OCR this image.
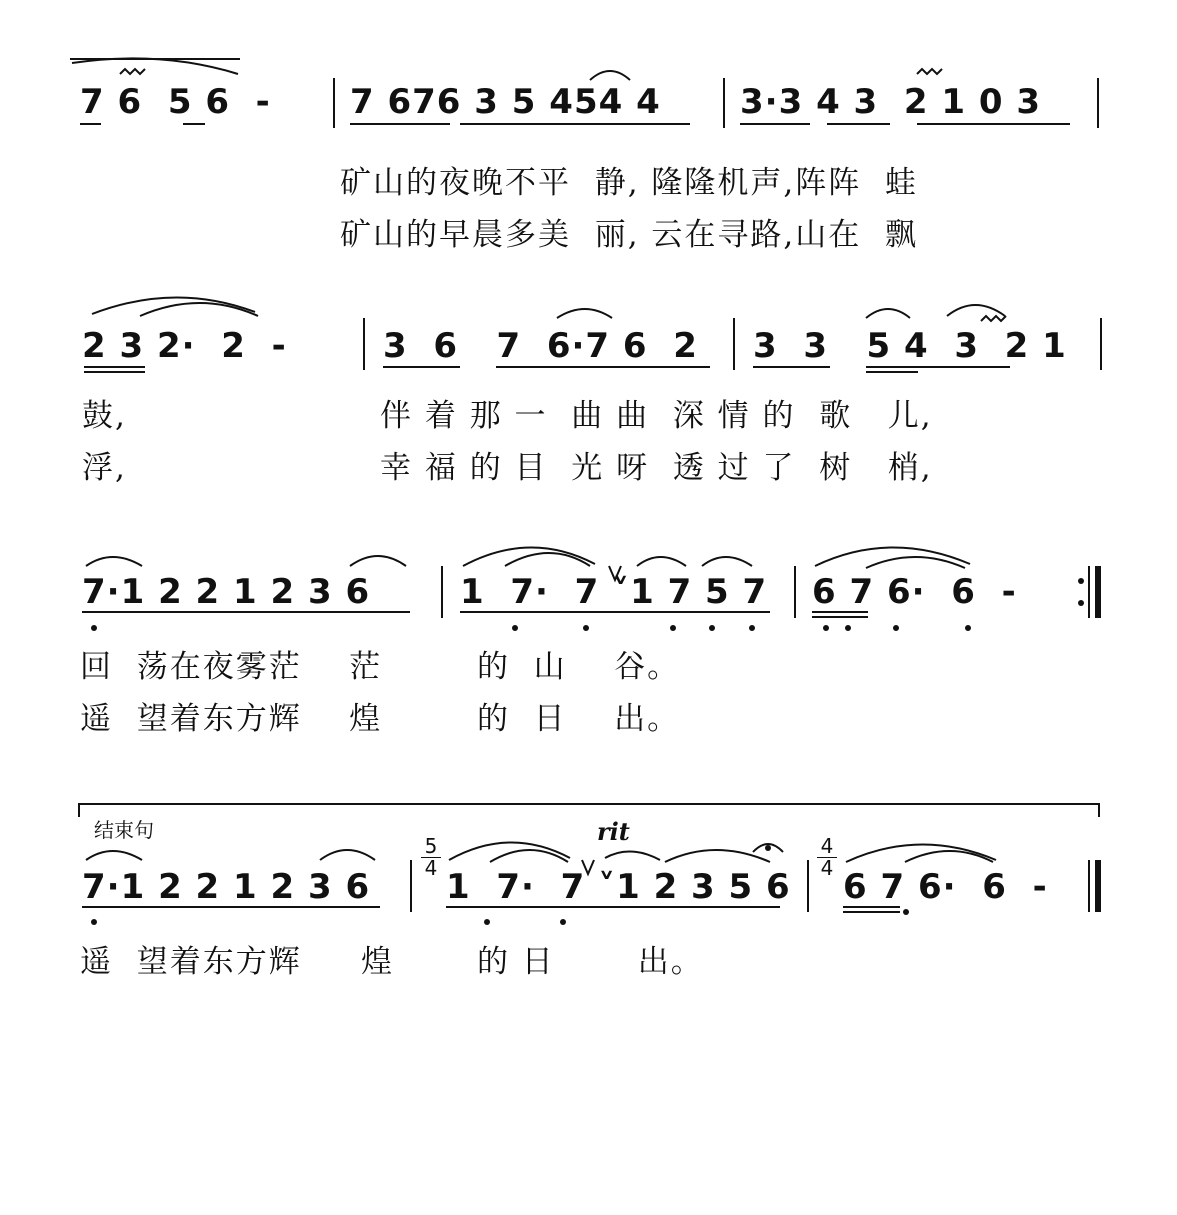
7 6  5 6  - 7 676 3 5 454 4 3·3 4 3  2 1 0 3
矿山的夜晚不平  静, 隆隆机声,阵阵  蛙
矿山的早晨多美  丽, 云在寻路,山在  飘
2 3 2·  2  -	3  6   7  6·7 6  2 3  3   5 4  3  2 1
鼓,
浮,
伴 着 那 一  曲 曲  深 情 的  歌   儿,
幸 福 的 目  光 呀  透 过 了  树   梢,
7·1 2 2 1 2 3 6	1  7·  7 ˅1 7 5 7 6 7 6·  6  -
回  荡在夜雾茫    茫        的  山    谷。
遥  望着东方辉    煌        的  日    出。
结束句	rit
7·1 2 2 1 2 3 6
5
4 1  7·  7 ˅1 2 3 5 6
4
4 6 7 6·  6  -
遥  望着东方辉     煌       的 日       出。
